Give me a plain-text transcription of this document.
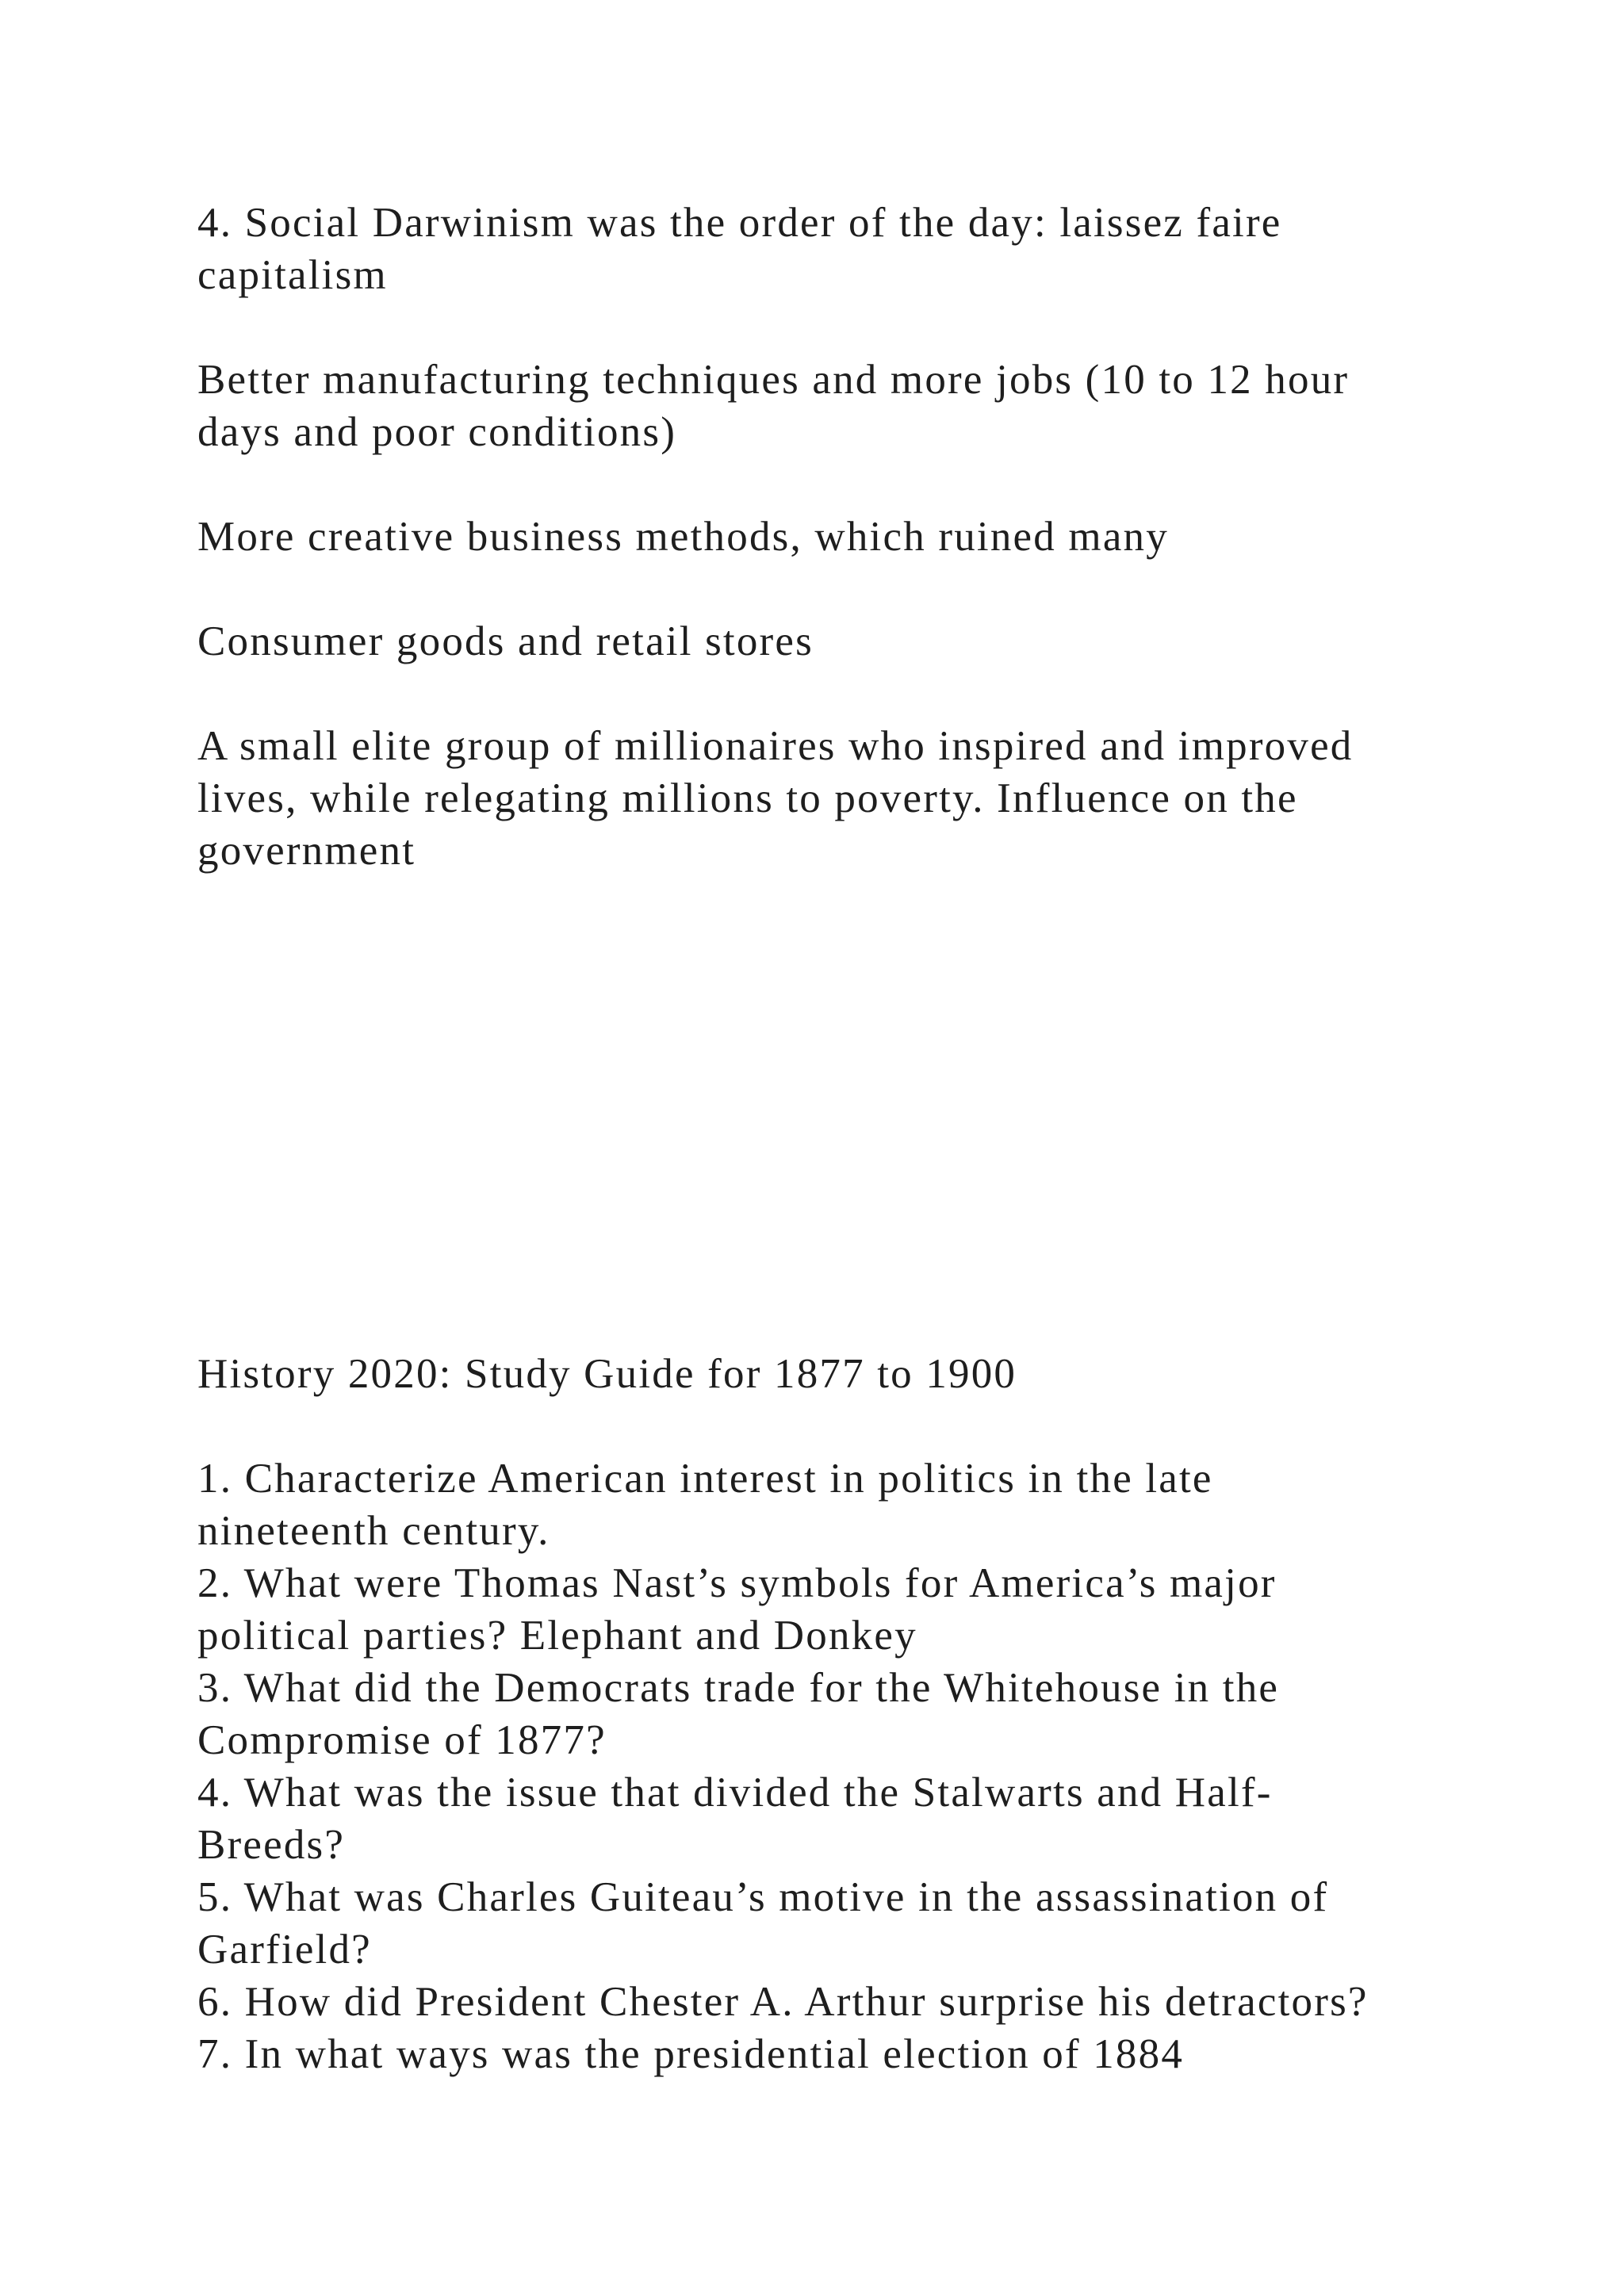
4. Social Darwinism was the order of the day: laissez faire

capitalism

Better manufacturing techniques and more jobs (10 to 12 hour

days and poor conditions)

More creative business methods, which ruined many

Consumer goods and retail stores

A small elite group of millionaires who inspired and improved

lives, while relegating millions to poverty. Influence on the

government

History 2020: Study Guide for 1877 to 1900

1. Characterize American interest in politics in the late

nineteenth century.

2. What were Thomas Nast’s symbols for America’s major

political parties? Elephant and Donkey

3. What did the Democrats trade for the Whitehouse in the

Compromise of 1877?

4. What was the issue that divided the Stalwarts and Half-

Breeds?

5. What was Charles Guiteau’s motive in the assassination of

Garfield?

6. How did President Chester A. Arthur surprise his detractors?

7. In what ways was the presidential election of 1884
